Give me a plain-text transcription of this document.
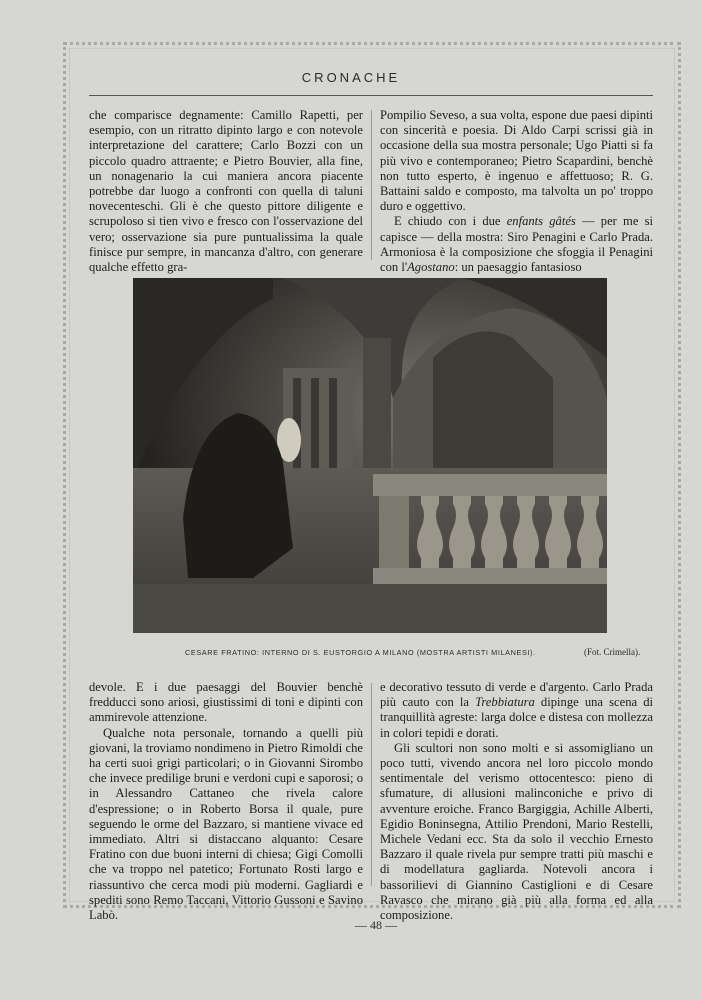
CRONACHE

che comparisce degnamente: Camillo Rapetti, per esempio, con un ritratto dipinto largo e con notevole interpretazione del carattere; Carlo Bozzi con un piccolo quadro attraente; e Pietro Bouvier, alla fine, un nonagenario la cui maniera ancora piacente potrebbe dar luogo a confronti con quella di taluni novecenteschi. Gli è che questo pittore diligente e scrupoloso si tien vivo e fresco con l'osservazione del vero; osservazione sia pure puntualissima la quale finisce pur sempre, in mancanza d'altro, con generare qualche effetto gra-

Pompilio Seveso, a sua volta, espone due paesi dipinti con sincerità e poesia. Di Aldo Carpi scrissi già in occasione della sua mostra personale; Ugo Piatti si fa più vivo e contemporaneo; Pietro Scapardini, benchè non tutto esperto, è ingenuo e affettuoso; R. G. Battaini saldo e composto, ma talvolta un po' troppo duro e oggettivo.

E chiudo con i due enfants gâtés — per me si capisce — della mostra: Siro Penagini e Carlo Prada. Armoniosa è la composizione che sfoggia il Penagini con l'Agostano: un paesaggio fantasioso

CESARE FRATINO: INTERNO DI S. EUSTORGIO A MILANO (MOSTRA ARTISTI MILANESI).	(Fot. Crimella).

devole. E i due paesaggi del Bouvier benchè fredducci sono ariosi, giustissimi di toni e dipinti con ammirevole attenzione.

Qualche nota personale, tornando a quelli più giovani, la troviamo nondimeno in Pietro Rimoldi che ha certi suoi grigi particolari; o in Giovanni Sirombo che invece predilige bruni e verdoni cupi e saporosi; o in Alessandro Cattaneo che rivela calore d'espressione; o in Roberto Borsa il quale, pure seguendo le orme del Bazzaro, si mantiene vivace ed immediato. Altri si distaccano alquanto: Cesare Fratino con due buoni interni di chiesa; Gigi Comolli che va troppo nel patetico; Fortunato Rosti largo e riassuntivo che cerca modi più moderni. Gagliardi e spediti sono Remo Taccani, Vittorio Gussoni e Savino Labò.

e decorativo tessuto di verde e d'argento. Carlo Prada più cauto con la Trebbiatura dipinge una scena di tranquillità agreste: larga dolce e distesa con mollezza in colori tepidi e dorati.

Gli scultori non sono molti e si assomigliano un poco tutti, vivendo ancora nel loro piccolo mondo sentimentale del verismo ottocentesco: pieno di sfumature, di allusioni malinconiche e privo di avventure eroiche. Franco Bargiggia, Achille Alberti, Egidio Boninsegna, Attilio Prendoni, Mario Restelli, Michele Vedani ecc. Sta da solo il vecchio Ernesto Bazzaro il quale rivela pur sempre tratti più maschi e di modellatura gagliarda. Notevoli ancora i bassorilievi di Giannino Castiglioni e di Cesare Ravasco che mirano già più alla forma ed alla composizione.

— 48 —
